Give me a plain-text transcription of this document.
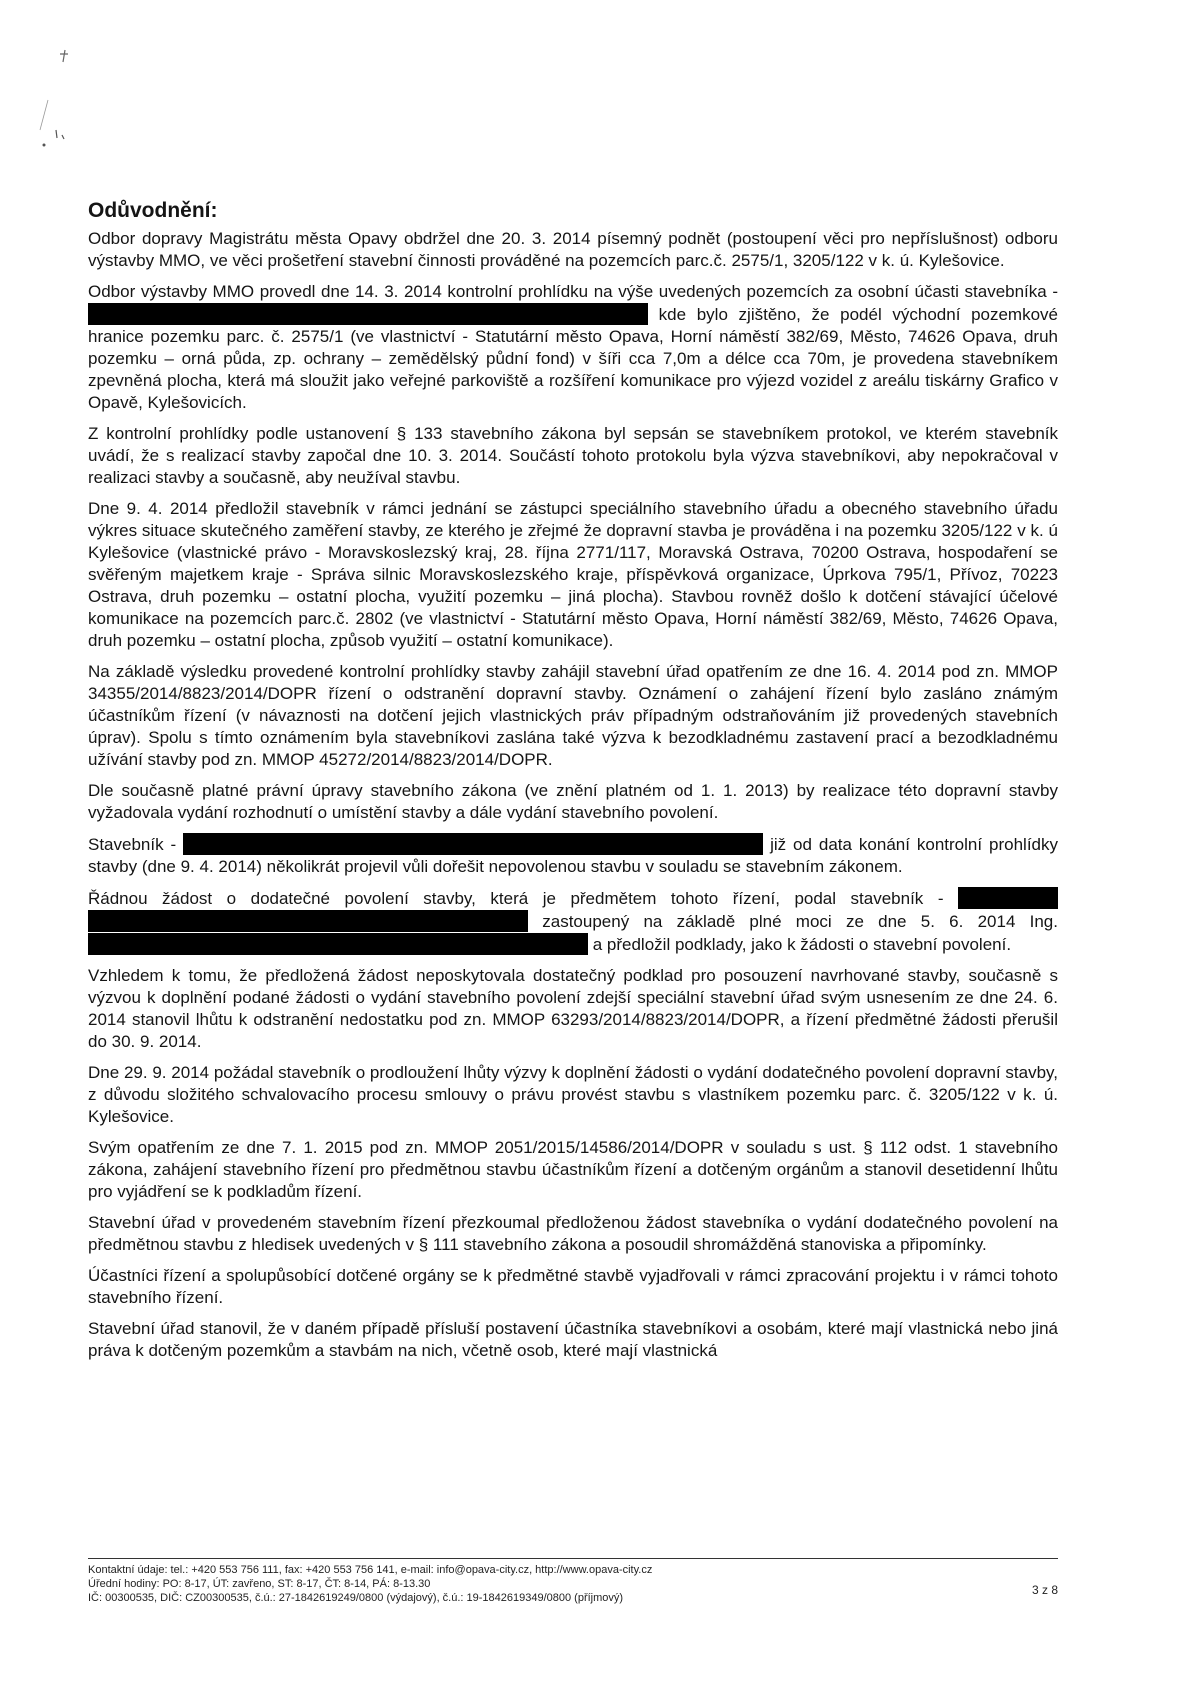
Odůvodnění:

Odbor dopravy Magistrátu města Opavy obdržel dne 20. 3. 2014 písemný podnět (postoupení věci pro nepříslušnost) odboru výstavby MMO, ve věci prošetření stavební činnosti prováděné na pozemcích parc.č. 2575/1, 3205/122 v k. ú. Kylešovice.

Odbor výstavby MMO provedl dne 14. 3. 2014 kontrolní prohlídku na výše uvedených pozemcích za osobní účasti stavebníka -  kde bylo zjištěno, že podél východní pozemkové hranice pozemku parc. č. 2575/1 (ve vlastnictví - Statutární město Opava, Horní náměstí 382/69, Město, 74626 Opava, druh pozemku – orná půda, zp. ochrany – zemědělský půdní fond) v šíři cca 7,0m a délce cca 70m, je provedena stavebníkem zpevněná plocha, která má sloužit jako veřejné parkoviště a rozšíření komunikace pro výjezd vozidel z areálu tiskárny Grafico v Opavě, Kylešovicích.

Z kontrolní prohlídky podle ustanovení § 133 stavebního zákona byl sepsán se stavebníkem protokol, ve kterém stavebník uvádí, že s realizací stavby započal dne 10. 3. 2014. Součástí tohoto protokolu byla výzva stavebníkovi, aby nepokračoval v realizaci stavby a současně, aby neužíval stavbu.

Dne 9. 4. 2014 předložil stavebník v rámci jednání se zástupci speciálního stavebního úřadu a obecného stavebního úřadu výkres situace skutečného zaměření stavby, ze kterého je zřejmé že dopravní stavba je prováděna i na pozemku 3205/122 v k. ú Kylešovice (vlastnické právo - Moravskoslezský kraj, 28. října 2771/117, Moravská Ostrava, 70200 Ostrava, hospodaření se svěřeným majetkem kraje - Správa silnic Moravskoslezského kraje, příspěvková organizace, Úprkova 795/1, Přívoz, 70223 Ostrava, druh pozemku – ostatní plocha, využití pozemku – jiná plocha). Stavbou rovněž došlo k dotčení stávající účelové komunikace na pozemcích parc.č. 2802 (ve vlastnictví - Statutární město Opava, Horní náměstí 382/69, Město, 74626 Opava, druh pozemku – ostatní plocha, způsob využití – ostatní komunikace).

Na základě výsledku provedené kontrolní prohlídky stavby zahájil stavební úřad opatřením ze dne 16. 4. 2014 pod zn. MMOP 34355/2014/8823/2014/DOPR řízení o odstranění dopravní stavby. Oznámení o zahájení řízení bylo zasláno známým účastníkům řízení (v návaznosti na dotčení jejich vlastnických práv případným odstraňováním již provedených stavebních úprav). Spolu s tímto oznámením byla stavebníkovi zaslána také výzva k bezodkladnému zastavení prací a bezodkladnému užívání stavby pod zn. MMOP 45272/2014/8823/2014/DOPR.

Dle současně platné právní úpravy stavebního zákona (ve znění platném od 1. 1. 2013) by realizace této dopravní stavby vyžadovala vydání rozhodnutí o umístění stavby a dále vydání stavebního povolení.

Stavebník -	již od data konání kontrolní prohlídky stavby (dne 9. 4. 2014) několikrát projevil vůli dořešit nepovolenou stavbu v souladu se stavebním zákonem.

Řádnou žádost o dodatečné povolení stavby, která je předmětem tohoto řízení, podal stavebník -   zastoupený na základě plné moci ze dne 5. 6. 2014 Ing.  a předložil podklady, jako k žádosti o stavební povolení.

Vzhledem k tomu, že předložená žádost neposkytovala dostatečný podklad pro posouzení navrhované stavby, současně s výzvou k doplnění podané žádosti o vydání stavebního povolení zdejší speciální stavební úřad svým usnesením ze dne 24. 6. 2014 stanovil lhůtu k odstranění nedostatku pod zn. MMOP 63293/2014/8823/2014/DOPR, a řízení předmětné žádosti přerušil do 30. 9. 2014.

Dne 29. 9. 2014 požádal stavebník o prodloužení lhůty výzvy k doplnění žádosti o vydání dodatečného povolení dopravní stavby, z důvodu složitého schvalovacího procesu smlouvy o právu provést stavbu s vlastníkem pozemku parc. č. 3205/122 v k. ú. Kylešovice.

Svým opatřením ze dne 7. 1. 2015 pod zn. MMOP 2051/2015/14586/2014/DOPR v souladu s ust. § 112 odst. 1 stavebního zákona, zahájení stavebního řízení pro předmětnou stavbu účastníkům řízení a dotčeným orgánům a stanovil desetidenní lhůtu pro vyjádření se k podkladům řízení.

Stavební úřad v provedeném stavebním řízení přezkoumal předloženou žádost stavebníka o vydání dodatečného povolení na předmětnou stavbu z hledisek uvedených v § 111 stavebního zákona a posoudil shromážděná stanoviska a připomínky.

Účastníci řízení a spolupůsobící dotčené orgány se k předmětné stavbě vyjadřovali v rámci zpracování projektu i v rámci tohoto stavebního řízení.

Stavební úřad stanovil, že v daném případě přísluší postavení účastníka stavebníkovi a osobám, které mají vlastnická nebo jiná práva k dotčeným pozemkům a stavbám na nich, včetně osob, které mají vlastnická

Kontaktní údaje: tel.: +420 553 756 111, fax: +420 553 756 141, e-mail: info@opava-city.cz, http://www.opava-city.cz
Úřední hodiny: PO: 8-17, ÚT: zavřeno, ST: 8-17, ČT: 8-14, PÁ: 8-13.30
IČ: 00300535, DIČ: CZ00300535, č.ú.: 27-1842619249/0800 (výdajový), č.ú.: 19-1842619349/0800 (příjmový)
3 z 8
